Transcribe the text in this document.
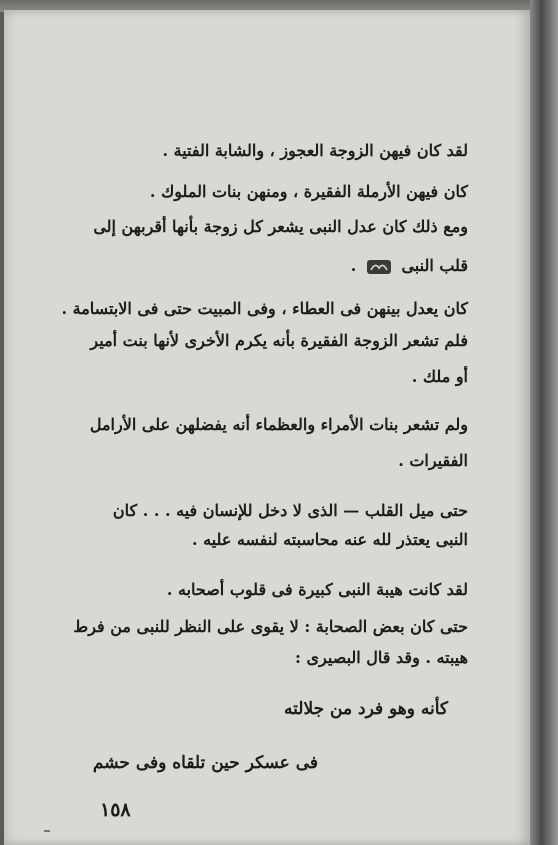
لقد كان فيهن الزوجة العجوز ، والشابة الفتية .

كان فيهن الأرملة الفقيرة ، ومنهن بنات الملوك .

ومع ذلك كان عدل النبى يشعر كل زوجة بأنها أقربهن إلى

قلب النبى  .

كان يعدل بينهن فى العطاء ، وفى المبيت حتى فى الابتسامة .

فلم تشعر الزوجة الفقيرة بأنه يكرم الأخرى لأنها بنت أمير

أو ملك .

ولم تشعر بنات الأمراء والعظماء أنه يفضلهن على الأرامل

الفقيرات .

حتى ميل القلب — الذى لا دخل للإنسان فيه . . . كان

النبى يعتذر لله عنه محاسبته لنفسه عليه .

لقد كانت هيبة النبى كبيرة فى قلوب أصحابه .

حتى كان بعض الصحابة : لا يقوى على النظر للنبى من فرط

هيبته . وقد قال البصيرى :

كأنه وهو فرد من جلالته

فى عسكر حين تلقاه وفى حشم

١٥٨
